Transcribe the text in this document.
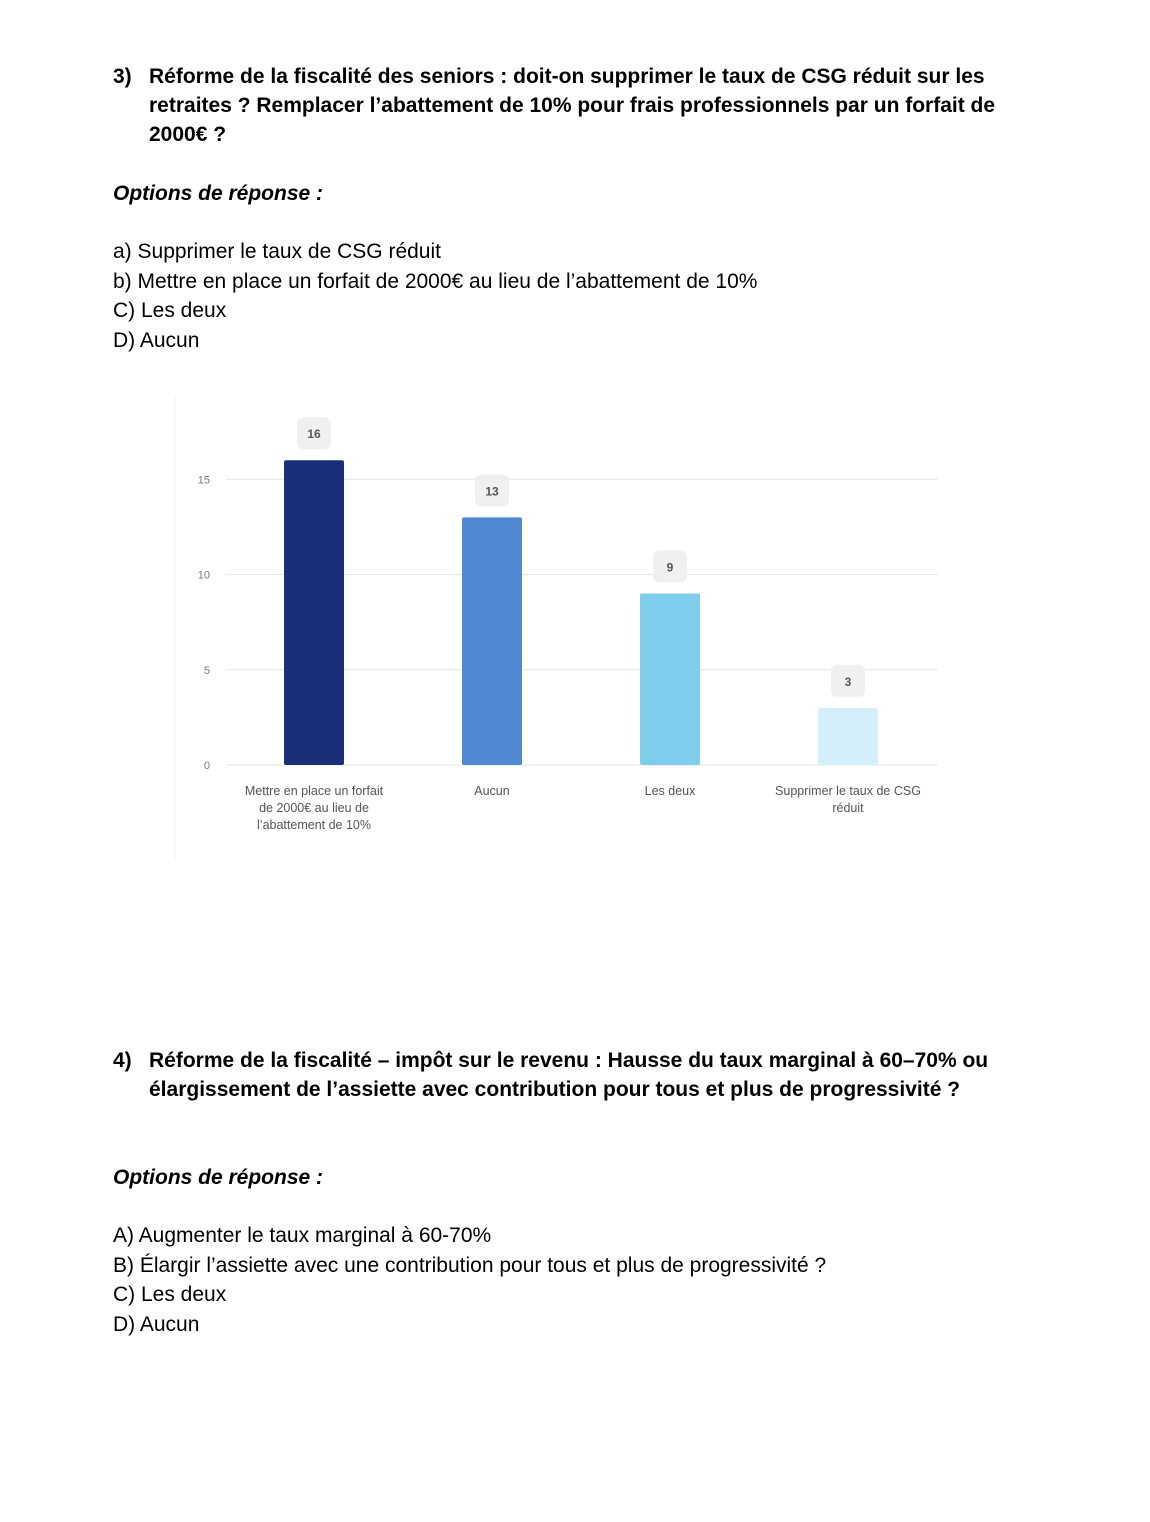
3) Réforme de la fiscalité des seniors : doit-on supprimer le taux de CSG réduit sur les retraites ? Remplacer l’abattement de 10% pour frais professionnels par un forfait de 2000€ ?
Options de réponse :
a) Supprimer le taux de CSG réduit
b) Mettre en place un forfait de 2000€ au lieu de l’abattement de 10%
C) Les deux
D) Aucun
0
5
10
15
16
Mettre en place un forfait
de 2000€ au lieu de
l’abattement de 10%
13
Aucun
9
Les deux
3
Supprimer le taux de CSG
réduit
4) Réforme de la fiscalité – impôt sur le revenu : Hausse du taux marginal à 60–70% ou élargissement de l’assiette avec contribution pour tous et plus de progressivité ?
Options de réponse :
A) Augmenter le taux marginal à 60-70%
B) Élargir l’assiette avec une contribution pour tous et plus de progressivité ?
C) Les deux
D) Aucun
